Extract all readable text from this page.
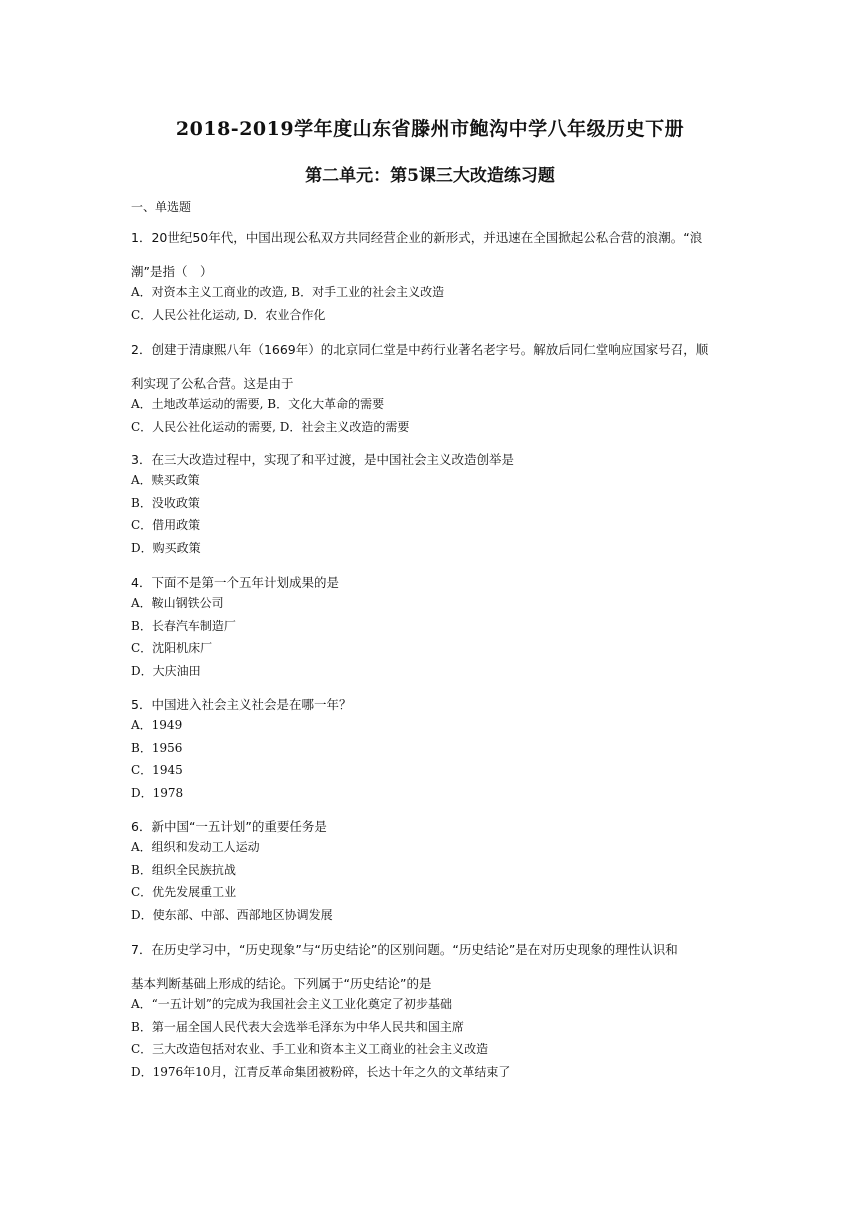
2018-2019学年度山东省滕州市鲍沟中学八年级历史下册
第二单元：第5课三大改造练习题
一、单选题
1．20世纪50年代，中国出现公私双方共同经营企业的新形式，并迅速在全国掀起公私合营的浪潮。“浪
潮”是指（　）
A．对资本主义工商业的改造, B．对手工业的社会主义改造
C．人民公社化运动, D．农业合作化
2．创建于清康熙八年（1669年）的北京同仁堂是中药行业著名老字号。解放后同仁堂响应国家号召，顺
利实现了公私合营。这是由于
A．土地改革运动的需要, B．文化大革命的需要
C．人民公社化运动的需要, D．社会主义改造的需要
3．在三大改造过程中，实现了和平过渡，是中国社会主义改造创举是
A．赎买政策
B．没收政策
C．借用政策
D．购买政策
4．下面不是第一个五年计划成果的是
A．鞍山钢铁公司
B．长春汽车制造厂
C．沈阳机床厂
D．大庆油田
5．中国进入社会主义社会是在哪一年？
A．1949
B．1956
C．1945
D．1978
6．新中国“一五计划”的重要任务是
A．组织和发动工人运动
B．组织全民族抗战
C．优先发展重工业
D．使东部、中部、西部地区协调发展
7．在历史学习中，“历史现象”与“历史结论”的区别问题。“历史结论”是在对历史现象的理性认识和
基本判断基础上形成的结论。下列属于“历史结论”的是
A．“一五计划”的完成为我国社会主义工业化奠定了初步基础
B．第一届全国人民代表大会选举毛泽东为中华人民共和国主席
C．三大改造包括对农业、手工业和资本主义工商业的社会主义改造
D．1976年10月，江青反革命集团被粉碎，长达十年之久的文革结束了
